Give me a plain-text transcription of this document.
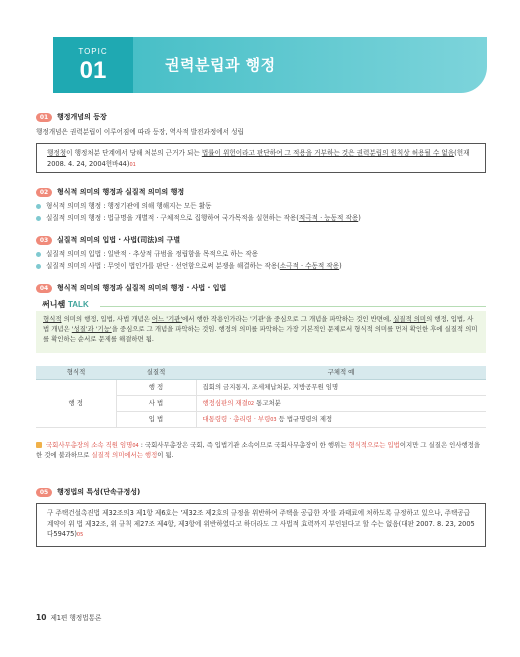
TOPIC
01	권력분립과 행정
01	행정개념의 등장
행정개념은 권력분립이 이루어짐에 따라 등장, 역사적 발전과정에서 성립
행정청이 행정처분 단계에서 당해 처분의 근거가 되는 법률이 위헌이라고 판단하여 그 적용을 거부하는 것은 권력분립의 원칙상 허용될 수 없음(헌재 2008. 4. 24, 2004헌바44)01
02	형식적 의미의 행정과 실질적 의미의 행정
형식적 의미의 행정 : 행정기관에 의해 행해지는 모든 활동
실질적 의미의 행정 : 법규명을 개별적 · 구체적으로 집행하여 국가목적을 실현하는 작용( 적극적 · 능동적 작용 )
03	실질적 의미의 입법 · 사법(司法)의 구별
실질적 의미의 입법 : 일반적 · 추상적 규범을 정립함을 목적으로 하는 작용
실질적 의미의 사법 : 무엇이 법인가를 판단 · 선언함으로써 분쟁을 해결하는 작용( 소극적 · 수동적 작용 )
04	형식적 의미의 행정과 실질적 의미의 행정 · 사법 · 입법
써니쌤 TALK
형식적 의미의 행정, 입법, 사법 개념은 어느 '기관'에서 행한 작용인가라는 '기관'을 중심으로 그 개념을 파악하는 것인 반면에, 실질적 의미의 행정, 입법, 사법 개념은 '성질'과 '기능'을 중심으로 그 개념을 파악하는 것임. 행정의 의미를 파악하는 가장 기본적인 문제로서 형식적 의미를 먼저 확인한 후에 실질적 의미를 확인하는 순서로 문제를 해결하면 됨.
형식적	실질적	구체적 예
행 정	행 정	집회의 금지통지, 조세체납처분, 지방공무원 임명
	사 법	행정심판의 재결02 통고처분
	입 법	대통령령 · 총리령 · 부령03 등 법규명령의 제정
국회사무총장의 소속 직원 임명04 : 국회사무총장은 국회, 즉 입법기관 소속이므로 국회사무총장이 한 행위는 형식적으로는 입법이지만 그 실질은 인사행정을 한 것에 불과하므로 실질적 의미에서는 행정이 됨.
05	행정법의 특성(단속규정성)
구 주택건설촉진법 제32조의3 제1항 제6호는 '제32조 제2호의 규정을 위반하여 주택을 공급한 자'를 과태료에 처하도록 규정하고 있으나, 주택공급계약이 위 법 제32조, 위 규칙 제27조 제4항, 제3항에 위반하였다고 하더라도 그 사법적 효력까지 부인된다고 할 수는 없음(대판 2007. 8. 23, 2005다59475)05
10 제1편 행정법통론
